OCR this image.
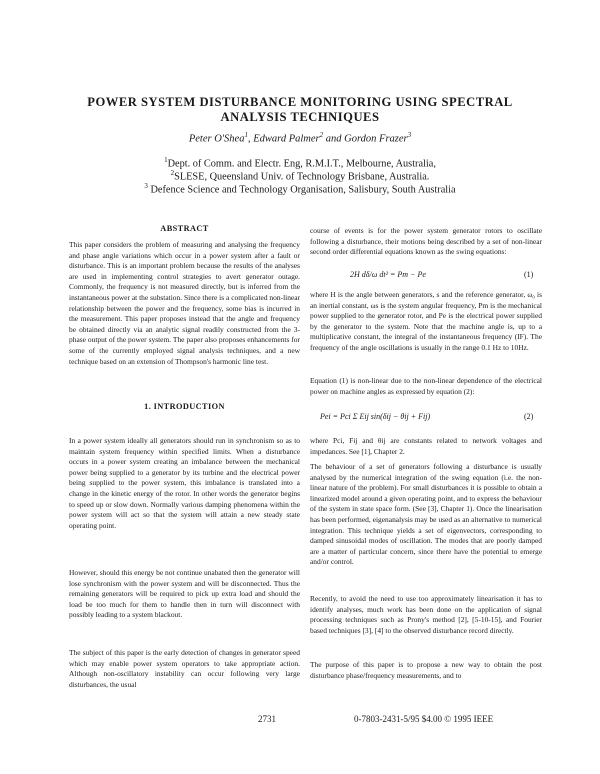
POWER SYSTEM DISTURBANCE MONITORING USING SPECTRAL
ANALYSIS TECHNIQUES
Peter O'Shea$^1$, Edward Palmer$^2$ and Gordon Frazer$^3$
$^1$Dept. of Comm. and Electr. Eng, R.M.I.T., Melbourne, Australia,
$^2$SLESE, Queensland Univ. of Technology Brisbane, Australia.
$^3$ Defence Science and Technology Organisation, Salisbury, South Australia
ABSTRACT

This paper considers the problem of measuring and analysing the frequency and phase angle variations which occur in a power system after a fault or disturbance. This is an important problem because the results of the analyses are used in implementing control strategies to avert generator outage. Commonly, the frequency is not measured directly, but is inferred from the instantaneous power at the substation. Since there is a complicated non-linear relationship between the power and the frequency, some bias is incurred in the measurement. This paper proposes instead that the angle and frequency be obtained directly via an analytic signal readily constructed from the 3-phase output of the power system. The paper also proposes enhancements for some of the currently employed signal analysis techniques, and a new technique based on an extension of Thompson's harmonic line test.

1. INTRODUCTION

In a power system ideally all generators should run in synchronism so as to maintain system frequency within specified limits. When a disturbance occurs in a power system creating an imbalance between the mechanical power being supplied to a generator by its turbine and the electrical power being supplied to the power system, this imbalance is translated into a change in the kinetic energy of the rotor. In other words the generator begins to speed up or slow down. Normally various damping phenomena within the power system will act so that the system will attain a new steady state operating point.

However, should this energy be not continue unabated then the generator will lose synchronism with the power system and will be disconnected. Thus the remaining generators will be required to pick up extra load and should the load be too much for them to handle then in turn will disconnect with possibly leading to a system blackout.

The subject of this paper is the early detection of changes in generator speed which may enable power system operators to take appropriate action. Although non-oscillatory instability can occur following very large disturbances, the usual

course of events is for the power system generator rotors to oscillate following a disturbance, their motions being described by a set of non-linear second order differential equations known as the swing equations:

2H dδ/ω dt² = Pm − Pe	(1)

where H is the angle between generators, s and the reference generator, ω₀ is an inertial constant, ωs is the system angular frequency, Pm is the mechanical power supplied to the generator rotor, and Pe is the electrical power supplied by the generator to the system. Note that the machine angle is, up to a multiplicative constant, the integral of the instantaneous frequency (IF). The frequency of the angle oscillations is usually in the range 0.1 Hz to 10Hz.

Equation (1) is non-linear due to the non-linear dependence of the electrical power on machine angles as expressed by equation (2):

Pei = Pci Σ Eij sin(δij − θij + Fij)	(2)

where Pci, Fij and θij are constants related to network voltages and impedances. See [1], Chapter 2.

The behaviour of a set of generators following a disturbance is usually analysed by the numerical integration of the swing equation (i.e. the non-linear nature of the problem). For small disturbances it is possible to obtain a linearized model around a given operating point, and to express the behaviour of the system in state space form. (See [3], Chapter 1). Once the linearisation has been performed, eigenanalysis may be used as an alternative to numerical integration. This technique yields a set of eigenvectors, corresponding to damped sinusoidal modes of oscillation. The modes that are poorly damped are a matter of particular concern, since there have the potential to emerge and/or control.

Recently, to avoid the need to use too approximately linearisation it has to identify analyses, much work has been done on the application of signal processing techniques such as Prony's method [2], [5-10-15], and Fourier based techniques [3], [4] to the observed disturbance record directly.

The purpose of this paper is to propose a new way to obtain the post disturbance phase/frequency measurements, and to

2731	0-7803-2431-5/95 $4.00 © 1995 IEEE
